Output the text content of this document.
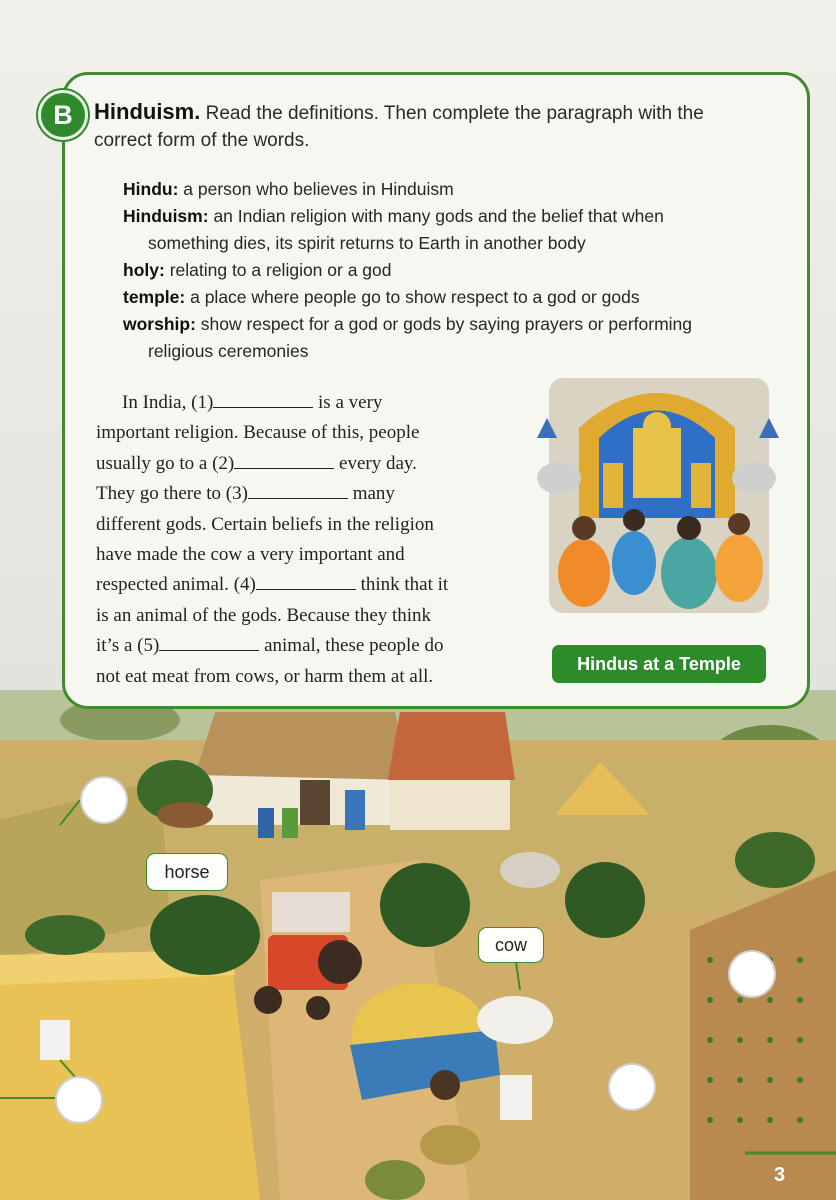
B Hinduism. Read the definitions. Then complete the paragraph with the
correct form of the words.

Hindu: a person who believes in Hinduism

Hinduism: an Indian religion with many gods and the belief that when
something dies, its spirit returns to Earth in another body

holy: relating to a religion or a god

temple: a place where people go to show respect to a god or gods

worship: show respect for a god or gods by saying prayers or performing
religious ceremonies

In India, (1)	is a very
important religion. Because of this, people
usually go to a (2)	every day.
They go there to (3)	many
different gods. Certain beliefs in the religion
have made the cow a very important and
respected animal. (4)	think that it
is an animal of the gods. Because they think
it’s a (5)	animal, these people do
not eat meat from cows, or harm them at all.
Hindus at a Temple
horse
cow
3
